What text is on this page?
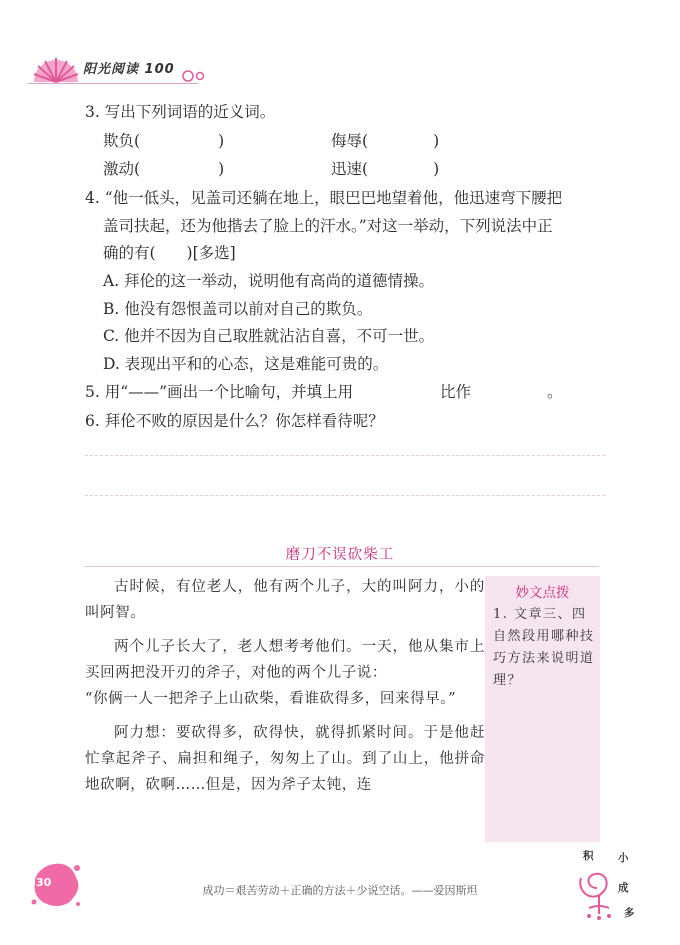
阳光阅读 100
3. 写出下列词语的近义词。
欺负(	)	侮辱(	)
激动(	)	迅速(	)
4. “他一低头，见盖司还躺在地上，眼巴巴地望着他，他迅速弯下腰把
盖司扶起，还为他揩去了脸上的汗水。”对这一举动，下列说法中正
确的有(　　)[多选]
A. 拜伦的这一举动，说明他有高尚的道德情操。
B. 他没有怨恨盖司以前对自己的欺负。
C. 他并不因为自己取胜就沾沾自喜，不可一世。
D. 表现出平和的心态，这是难能可贵的。
5. 用“——”画出一个比喻句，并填上用	比作	。
6. 拜伦不败的原因是什么？你怎样看待呢？
磨刀不误砍柴工

古时候，有位老人，他有两个儿子，大的叫阿力，小的叫阿智。

两个儿子长大了，老人想考考他们。一天，他从集市上买回两把没开刃的斧子，对他的两个儿子说：

“你俩一人一把斧子上山砍柴，看谁砍得多，回来得早。”

阿力想：要砍得多，砍得快，就得抓紧时间。于是他赶忙拿起斧子、扁担和绳子，匆匆上了山。到了山上，他拼命地砍啊，砍啊……但是，因为斧子太钝，连

妙文点拨
1. 文章三、四自然段用哪种技巧方法来说明道理？
30
成功＝艰苦劳动＋正确的方法＋少说空话。——爱因斯坦
积 小
成
多
